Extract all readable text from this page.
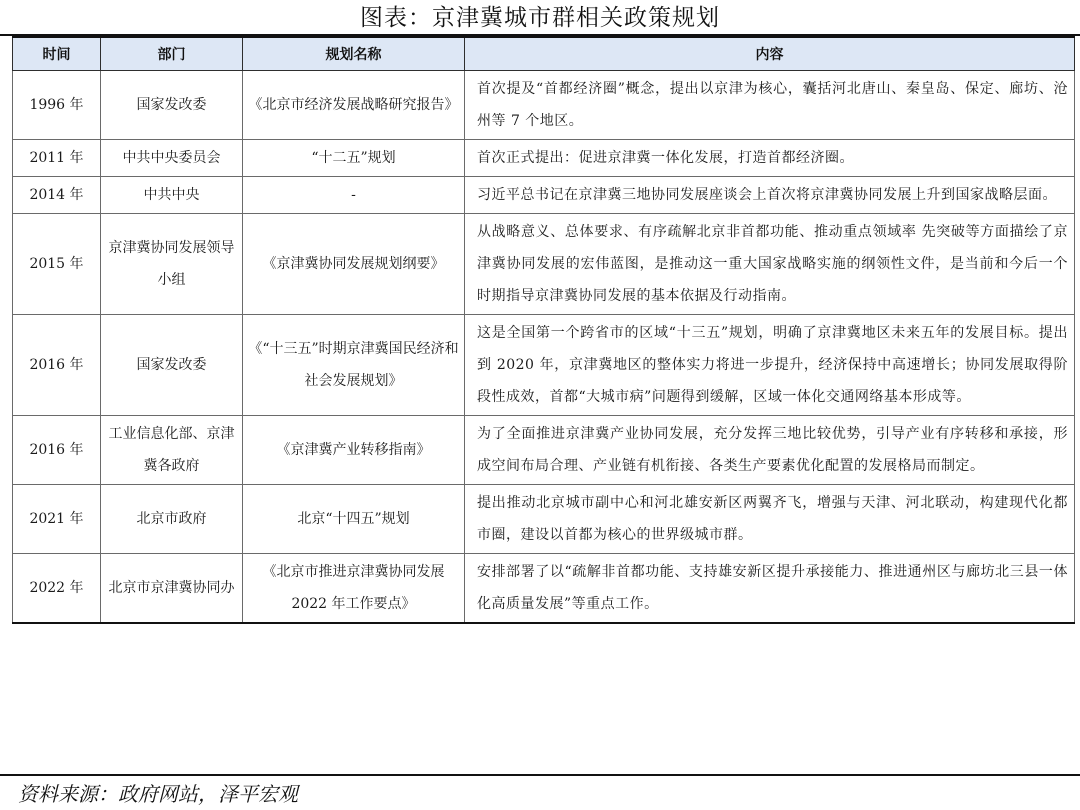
图表：京津冀城市群相关政策规划
时间	部门	规划名称	内容
1996 年	国家发改委	《北京市经济发展战略研究报告》	首次提及“首都经济圈”概念，提出以京津为核心，囊括河北唐山、秦皇岛、保定、廊坊、沧州等 7 个地区。
2011 年	中共中央委员会	“十二五”规划	首次正式提出：促进京津冀一体化发展，打造首都经济圈。
2014 年	中共中央	-	习近平总书记在京津冀三地协同发展座谈会上首次将京津冀协同发展上升到国家战略层面。
2015 年	京津冀协同发展领导小组	《京津冀协同发展规划纲要》	从战略意义、总体要求、有序疏解北京非首都功能、推动重点领域率 先突破等方面描绘了京津冀协同发展的宏伟蓝图，是推动这一重大国家战略实施的纲领性文件，是当前和今后一个时期指导京津冀协同发展的基本依据及行动指南。
2016 年	国家发改委	《“十三五”时期京津冀国民经济和社会发展规划》	这是全国第一个跨省市的区域“十三五”规划，明确了京津冀地区未来五年的发展目标。提出到 2020 年，京津冀地区的整体实力将进一步提升，经济保持中高速增长；协同发展取得阶段性成效，首都“大城市病”问题得到缓解，区域一体化交通网络基本形成等。
2016 年	工业信息化部、京津冀各政府	《京津冀产业转移指南》	为了全面推进京津冀产业协同发展，充分发挥三地比较优势，引导产业有序转移和承接，形成空间布局合理、产业链有机衔接、各类生产要素优化配置的发展格局而制定。
2021 年	北京市政府	北京“十四五”规划	提出推动北京城市副中心和河北雄安新区两翼齐飞，增强与天津、河北联动，构建现代化都市圈，建设以首都为核心的世界级城市群。
2022 年	北京市京津冀协同办	《北京市推进京津冀协同发展 2022 年工作要点》	安排部署了以“疏解非首都功能、支持雄安新区提升承接能力、推进通州区与廊坊北三县一体化高质量发展”等重点工作。
资料来源：政府网站，泽平宏观
